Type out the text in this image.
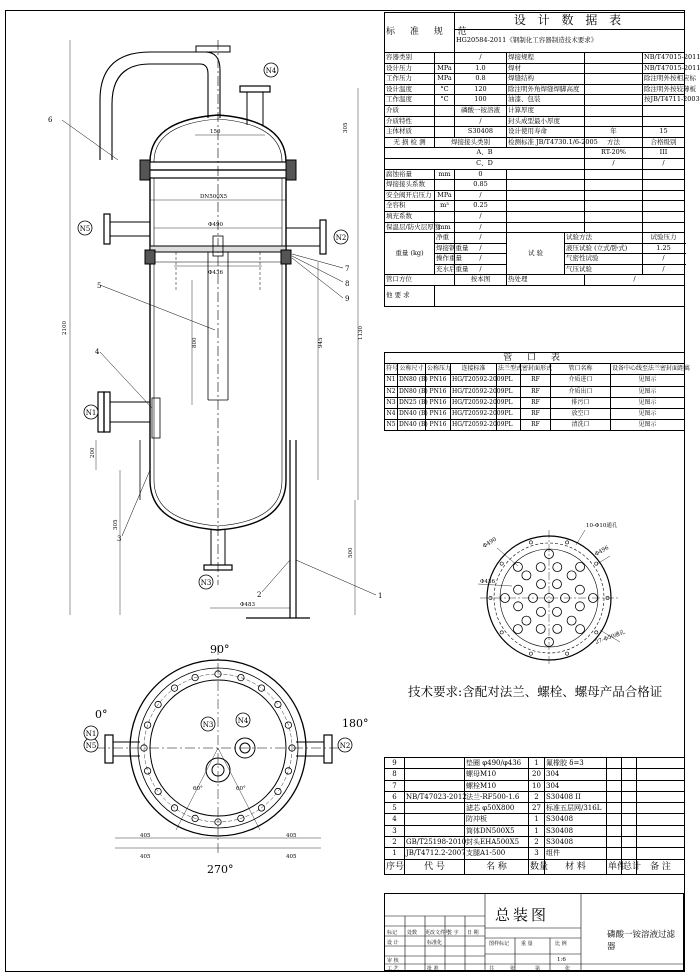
N4
N2
N5
N1
N3
N3	N4
N5	N2
N1
6
5
4
3
2	1
7
8
9
150
DN500X5
Φ490
Φ436
305
1130
2100
945
800
200
305
500
Φ483
405	405
405	405
60°	60°
90°
0°
180°
270°
Φ490
Φ496
Φ436
10-Φ10通孔
27-Φ50通孔
标 准 规 范		设 计 数 据 表				
		HG20584-2011《钢制化工容器制造技术要求》				
容器类别		/	焊接规程			NB/T47015-2011
设计压力	MPa	1.0	焊材			NB/T47015-2011
工作压力	MPa	0.8	焊缝结构			除注明外按相应标
设计温度	°C	120	除注明外角焊缝焊脚高度			除注明外按较薄板
工作温度	°C	100	油漆、包装			按JB/T4711-2003
介质		磷酸一铵溶液	计算厚度			
介质特性		/	封头成型最小厚度			
主体材质		S30408	设计使用寿命		年	15
无 损 检 测	焊接接头类别		检测标准 JB/T4730.1/6-2005		方法	合格级别
A、B					RT-20%	III
C、D					/	/
腐蚀裕量	mm	0				
焊接接头系数		0.85				
安全阀开启压力	MPa	/				
全容积	m³	0.25				
填充系数		/				
保温层/防火层厚度	mm	/				
重量 (kg)	净重	/	试 验	试验方法		试验压力
	焊接钢重量	/		液压试验 (立式/卧式)		1.25
	操作重量	/		气密性试验		/
	充水后重量	/		气压试验		/
管口方位		按本图	热处理		/	
他 要 求						
管 口 表							
符号	公称尺寸	公称压力	连接标准	法兰型式	密封面形式	管口名称	设备中心线至法兰密封面距离
N1	DN80 (B)	PN16	HG/T20592-2009	PL	RF	介质进口	见图示
N2	DN80 (B)	PN16	HG/T20592-2009	PL	RF	介质出口	见图示
N3	DN25 (B)	PN16	HG/T20592-2009	PL	RF	排污口	见图示
N4	DN40 (B)	PN16	HG/T20592-2009	PL	RF	放空口	见图示
N5	DN40 (B)	PN16	HG/T20592-2009	PL	RF	清洗口	见图示
技术要求:含配对法兰、螺栓、螺母产品合格证
9		垫圈 φ490/φ436	1	氟橡胶 δ=3			
8		螺母M10	20	304			
7		螺栓M10	10	304			
6	NB/T47023-2012	法兰-RF500-1.6	2	S30408 II			
5		滤芯 φ50X800	27	标准五层网/316L			
4		防冲板	1	S30408			
3		筒体DN500X5	1	S30408			
2	GB/T25198-2010	封头EHA500X5	2	S30408			
1	JB/T4712.2-2007	支腿A1-500	3	组件			
序号	代 号	名 称	数量	材 料	单件	总计	备 注
总装图
磷酸一铵溶液过滤器
1:6
标记 处数 更改文件号
签 字 日 期
设 计	标准化
审 核
工 艺	批 准
图样标记 重 量	比 例
共	张	第	张
